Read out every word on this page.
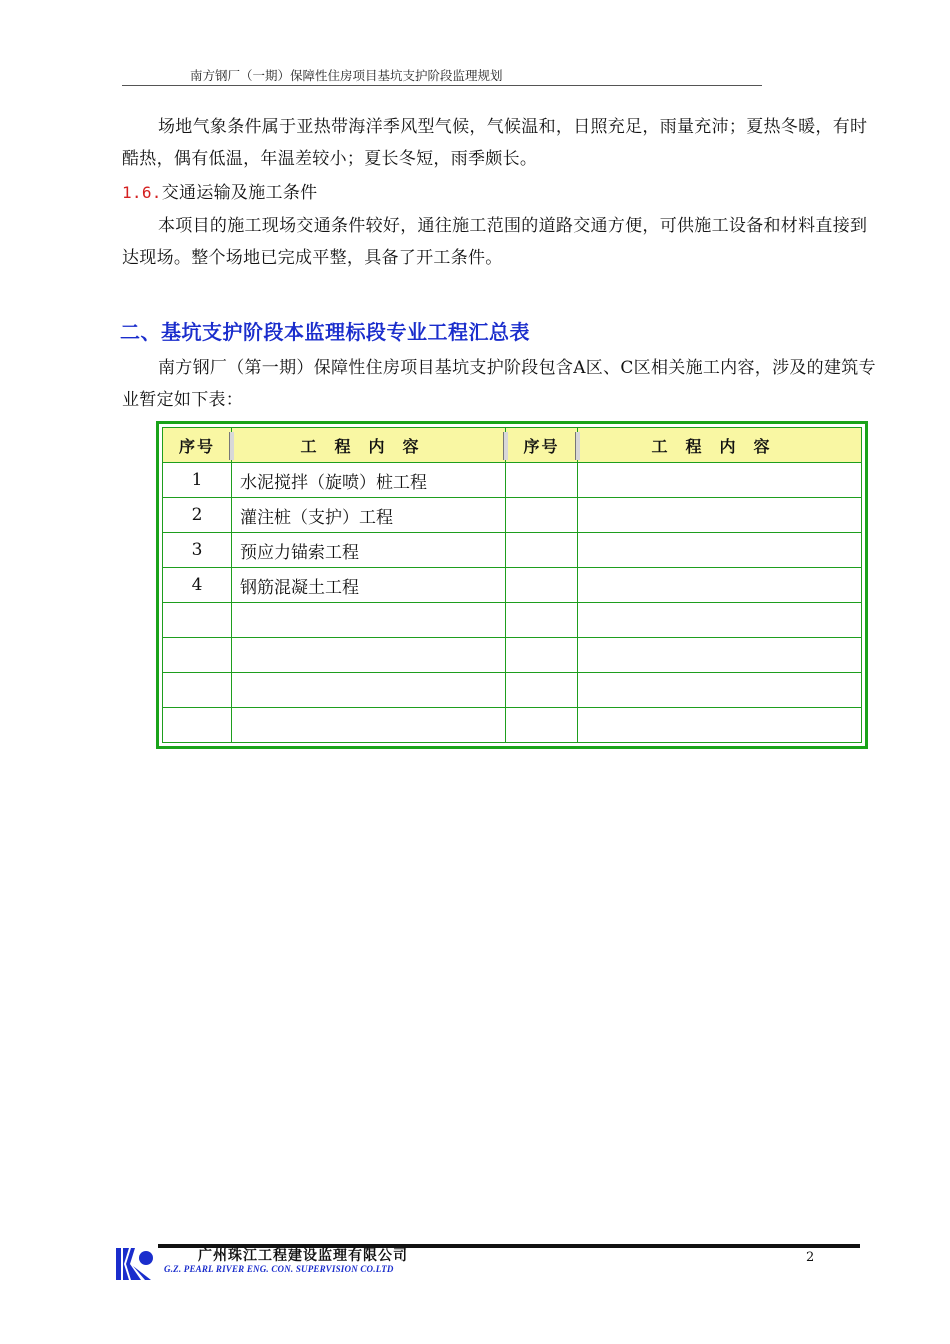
南方钢厂（一期）保障性住房项目基坑支护阶段监理规划

场地气象条件属于亚热带海洋季风型气候，气候温和，日照充足，雨量充沛；夏热冬暖，有时酷热，偶有低温，年温差较小；夏长冬短，雨季颇长。

1.6.交通运输及施工条件

本项目的施工现场交通条件较好，通往施工范围的道路交通方便，可供施工设备和材料直接到达现场。整个场地已完成平整，具备了开工条件。

二、基坑支护阶段本监理标段专业工程汇总表

南方钢厂（第一期）保障性住房项目基坑支护阶段包含A区、C区相关施工内容，涉及的建筑专业暂定如下表：

序号	工程内容	序号	工程内容
1	水泥搅拌（旋喷）桩工程		
2	灌注桩（支护）工程		
3	预应力锚索工程		
4	钢筋混凝土工程		

广州珠江工程建设监理有限公司
G.Z. PEARL RIVER ENG. CON. SUPERVISION CO.LTD
2
